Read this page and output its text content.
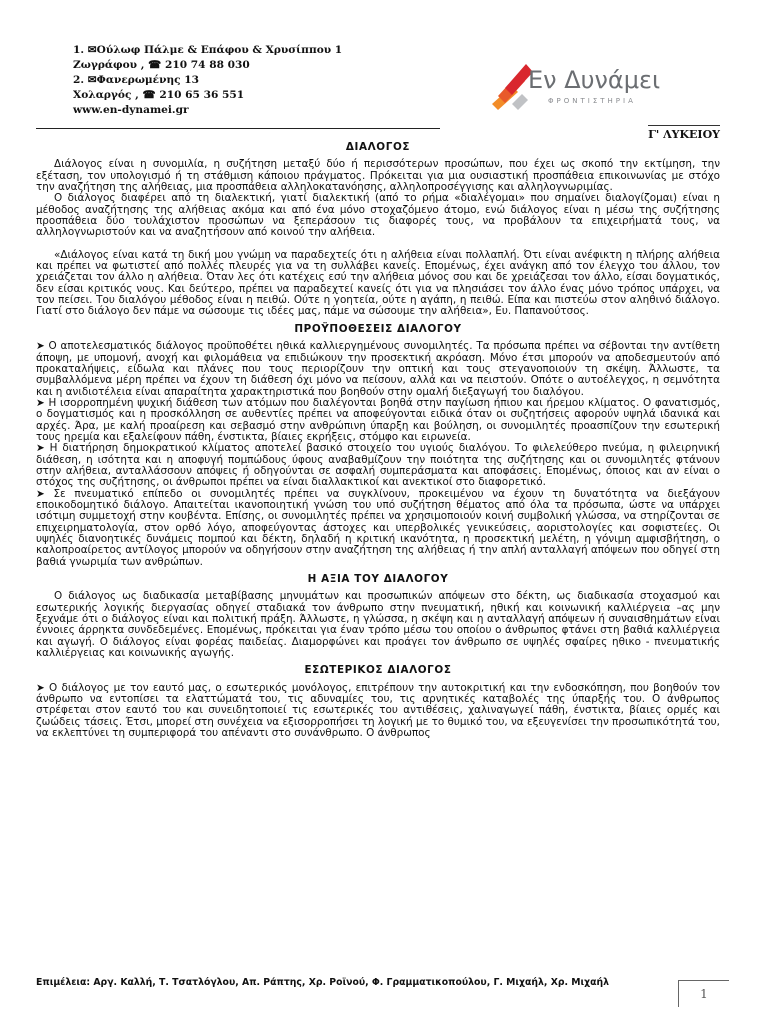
1. ✉Ούλωφ Πάλμε & Επάφου & Χρυσίππου 1
Ζωγράφου , ☎ 210 74 88 030
2. ✉Φανερωμένης 13
Χολαργός , ☎ 210 65 36 551
www.en-dynamei.gr
Εν Δυνάμει
ΦΡΟΝΤΙΣΤΗΡΙΑ
Γ' ΛΥΚΕΙΟΥ

ΔΙΑΛΟΓΟΣ

Διάλογος είναι η συνομιλία, η συζήτηση μεταξύ δύο ή περισσότερων προσώπων, που έχει ως σκοπό την εκτίμηση, την εξέταση, τον υπολογισμό ή τη στάθμιση κάποιου πράγματος. Πρόκειται για μια ουσιαστική προσπάθεια επικοινωνίας με στόχο την αναζήτηση της αλήθειας, μια προσπάθεια αλληλοκατανόησης, αλληλοπροσέγγισης και αλληλογνωριμίας.

Ο διάλογος διαφέρει από τη διαλεκτική, γιατί διαλεκτική (από το ρήμα «διαλέγομαι» που σημαίνει διαλογίζομαι) είναι η μέθοδος αναζήτησης της αλήθειας ακόμα και από ένα μόνο στοχαζόμενο άτομο, ενώ διάλογος είναι η μέσω της συζήτησης προσπάθεια δύο τουλάχιστον προσώπων να ξεπεράσουν τις διαφορές τους, να προβάλουν τα επιχειρήματά τους, να αλληλογνωριστούν και να αναζητήσουν από κοινού την αλήθεια.

«Διάλογος είναι κατά τη δική μου γνώμη να παραδεχτείς ότι η αλήθεια είναι πολλαπλή. Ότι είναι ανέφικτη η πλήρης αλήθεια και πρέπει να φωτιστεί από πολλές πλευρές για να τη συλλάβει κανείς. Επομένως, έχει ανάγκη από τον έλεγχο του άλλου, τον χρειάζεται τον άλλο η αλήθεια. Όταν λες ότι κατέχεις εσύ την αλήθεια μόνος σου και δε χρειάζεσαι τον άλλο, είσαι δογματικός, δεν είσαι κριτικός νους. Και δεύτερο, πρέπει να παραδεχτεί κανείς ότι για να πλησιάσει τον άλλο ένας μόνο τρόπος υπάρχει, να τον πείσει. Του διαλόγου μέθοδος είναι η πειθώ. Ούτε η γοητεία, ούτε η αγάπη, η πειθώ. Είπα και πιστεύω στον αληθινό διάλογο. Γιατί στο διάλογο δεν πάμε να σώσουμε τις ιδέες μας, πάμε να σώσουμε την αλήθεια», Ευ. Παπανούτσος.

ΠΡΟΫΠΟΘΕΣΕΙΣ ΔΙΑΛΟΓΟΥ

➤ Ο αποτελεσματικός διάλογος προϋποθέτει ηθικά καλλιεργημένους συνομιλητές. Τα πρόσωπα πρέπει να σέβονται την αντίθετη άποψη, με υπομονή, ανοχή και φιλομάθεια να επιδιώκουν την προσεκτική ακρόαση. Μόνο έτσι μπορούν να αποδεσμευτούν από προκαταλήψεις, είδωλα και πλάνες που τους περιορίζουν την οπτική και τους στεγανοποιούν τη σκέψη. Άλλωστε, τα συμβαλλόμενα μέρη πρέπει να έχουν τη διάθεση όχι μόνο να πείσουν, αλλά και να πειστούν. Οπότε ο αυτοέλεγχος, η σεμνότητα και η ανιδιοτέλεια είναι απαραίτητα χαρακτηριστικά που βοηθούν στην ομαλή διεξαγωγή του διαλόγου.

➤ Η ισορροπημένη ψυχική διάθεση των ατόμων που διαλέγονται βοηθά στην παγίωση ήπιου και ήρεμου κλίματος. Ο φανατισμός, ο δογματισμός και η προσκόλληση σε αυθεντίες πρέπει να αποφεύγονται ειδικά όταν οι συζητήσεις αφορούν υψηλά ιδανικά και αρχές. Άρα, με καλή προαίρεση και σεβασμό στην ανθρώπινη ύπαρξη και βούληση, οι συνομιλητές προασπίζουν την εσωτερική τους ηρεμία και εξαλείφουν πάθη, ένστικτα, βίαιες εκρήξεις, στόμφο και ειρωνεία.

➤ Η διατήρηση δημοκρατικού κλίματος αποτελεί βασικό στοιχείο του υγιούς διαλόγου. Το φιλελεύθερο πνεύμα, η φιλειρηνική διάθεση, η ισότητα και η αποφυγή πομπώδους ύφους αναβαθμίζουν την ποιότητα της συζήτησης και οι συνομιλητές φτάνουν στην αλήθεια, ανταλλάσσουν απόψεις ή οδηγούνται σε ασφαλή συμπεράσματα και αποφάσεις. Επομένως, όποιος και αν είναι ο στόχος της συζήτησης, οι άνθρωποι πρέπει να είναι διαλλακτικοί και ανεκτικοί στο διαφορετικό.

➤ Σε πνευματικό επίπεδο οι συνομιλητές πρέπει να συγκλίνουν, προκειμένου να έχουν τη δυνατότητα να διεξάγουν εποικοδομητικό διάλογο. Απαιτείται ικανοποιητική γνώση του υπό συζήτηση θέματος από όλα τα πρόσωπα, ώστε να υπάρχει ισότιμη συμμετοχή στην κουβέντα. Επίσης, οι συνομιλητές πρέπει να χρησιμοποιούν κοινή συμβολική γλώσσα, να στηρίζονται σε επιχειρηματολογία, στον ορθό λόγο, αποφεύγοντας άστοχες και υπερβολικές γενικεύσεις, αοριστολογίες και σοφιστείες. Οι υψηλές διανοητικές δυνάμεις πομπού και δέκτη, δηλαδή η κριτική ικανότητα, η προσεκτική μελέτη, η γόνιμη αμφισβήτηση, ο καλοπροαίρετος αντίλογος μπορούν να οδηγήσουν στην αναζήτηση της αλήθειας ή την απλή ανταλλαγή απόψεων που οδηγεί στη βαθιά γνωριμία των ανθρώπων.

Η ΑΞΙΑ ΤΟΥ ΔΙΑΛΟΓΟΥ

Ο διάλογος ως διαδικασία μεταβίβασης μηνυμάτων και προσωπικών απόψεων στο δέκτη, ως διαδικασία στοχασμού και εσωτερικής λογικής διεργασίας οδηγεί σταδιακά τον άνθρωπο στην πνευματική, ηθική και κοινωνική καλλιέργεια –ας μην ξεχνάμε ότι ο διάλογος είναι και πολιτική πράξη. Άλλωστε, η γλώσσα, η σκέψη και η ανταλλαγή απόψεων ή συναισθημάτων είναι έννοιες άρρηκτα συνδεδεμένες. Επομένως, πρόκειται για έναν τρόπο μέσω του οποίου ο άνθρωπος φτάνει στη βαθιά καλλιέργεια και αγωγή. Ο διάλογος είναι φορέας παιδείας. Διαμορφώνει και προάγει τον άνθρωπο σε υψηλές σφαίρες ηθικο - πνευματικής καλλιέργειας και κοινωνικής αγωγής.

ΕΣΩΤΕΡΙΚΟΣ ΔΙΑΛΟΓΟΣ

➤ Ο διάλογος με τον εαυτό μας, ο εσωτερικός μονόλογος, επιτρέπουν την αυτοκριτική και την ενδοσκόπηση, που βοηθούν τον άνθρωπο να εντοπίσει τα ελαττώματά του, τις αδυναμίες του, τις αρνητικές καταβολές της ύπαρξής του. Ο άνθρωπος στρέφεται στον εαυτό του και συνειδητοποιεί τις εσωτερικές του αντιθέσεις, χαλιναγωγεί πάθη, ένστικτα, βίαιες ορμές και ζωώδεις τάσεις. Έτσι, μπορεί στη συνέχεια να εξισορροπήσει τη λογική με το θυμικό του, να εξευγενίσει την προσωπικότητά του, να εκλεπτύνει τη συμπεριφορά του απέναντι στο συνάνθρωπο. Ο άνθρωπος

Επιμέλεια: Αργ. Καλλή, Τ. Τσατλόγλου, Απ. Ράπτης, Χρ. Ροϊνού, Φ. Γραμματικοπούλου, Γ. Μιχαήλ, Χρ. Μιχαήλ
1
